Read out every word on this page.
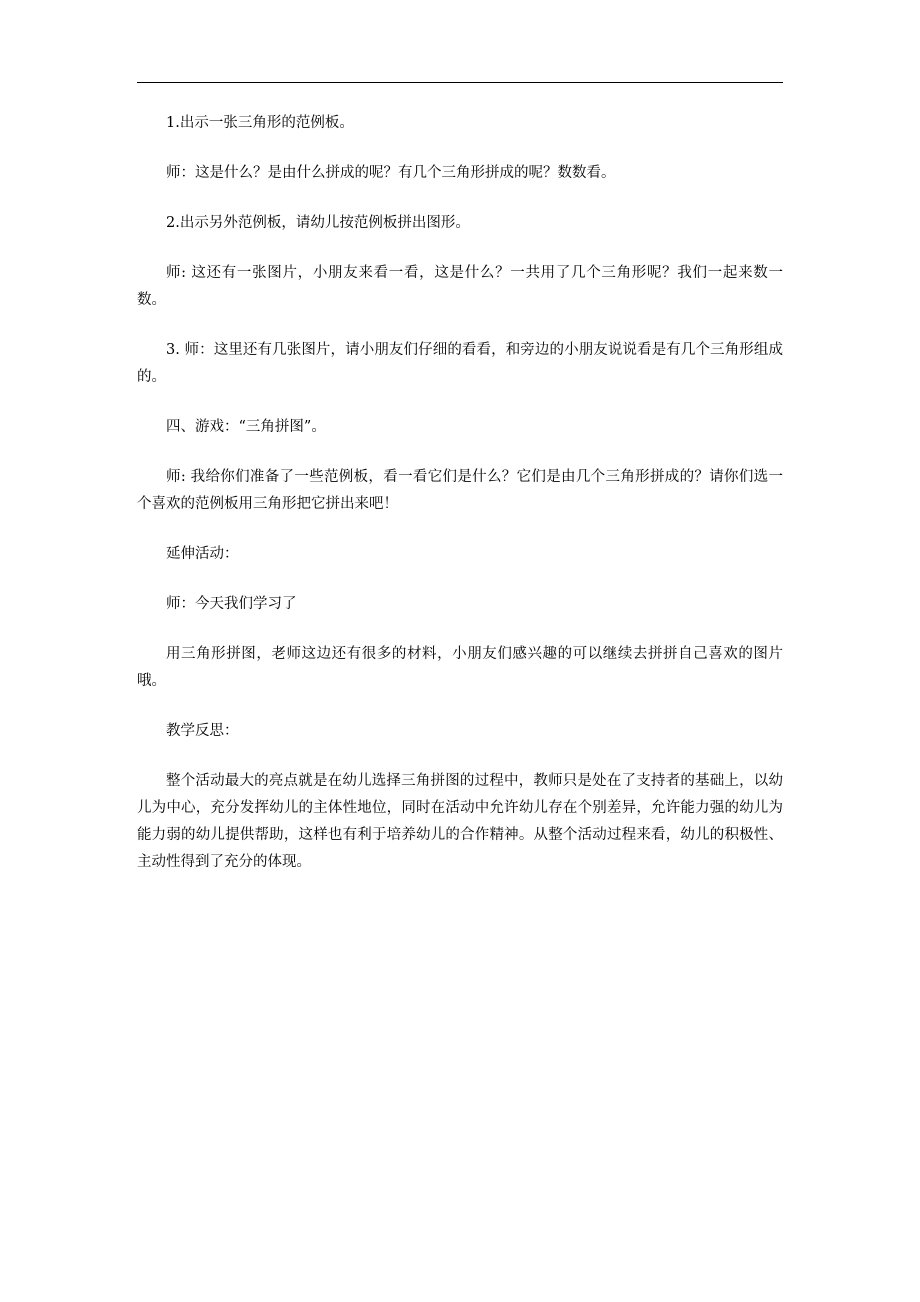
1.出示一张三角形的范例板。

师：这是什么？是由什么拼成的呢？有几个三角形拼成的呢？数数看。

2.出示另外范例板，请幼儿按范例板拼出图形。

师: 这还有一张图片，小朋友来看一看，这是什么？一共用了几个三角形呢？我们一起来数一数。

3. 师：这里还有几张图片，请小朋友们仔细的看看，和旁边的小朋友说说看是有几个三角形组成的。

四、游戏：“三角拼图”。

师: 我给你们准备了一些范例板，看一看它们是什么？它们是由几个三角形拼成的？请你们选一个喜欢的范例板用三角形把它拼出来吧！

延伸活动：

师：今天我们学习了

用三角形拼图，老师这边还有很多的材料，小朋友们感兴趣的可以继续去拼拼自己喜欢的图片哦。

教学反思：

整个活动最大的亮点就是在幼儿选择三角拼图的过程中，教师只是处在了支持者的基础上，以幼儿为中心，充分发挥幼儿的主体性地位，同时在活动中允许幼儿存在个别差异，允许能力强的幼儿为能力弱的幼儿提供帮助，这样也有利于培养幼儿的合作精神。从整个活动过程来看，幼儿的积极性、主动性得到了充分的体现。
